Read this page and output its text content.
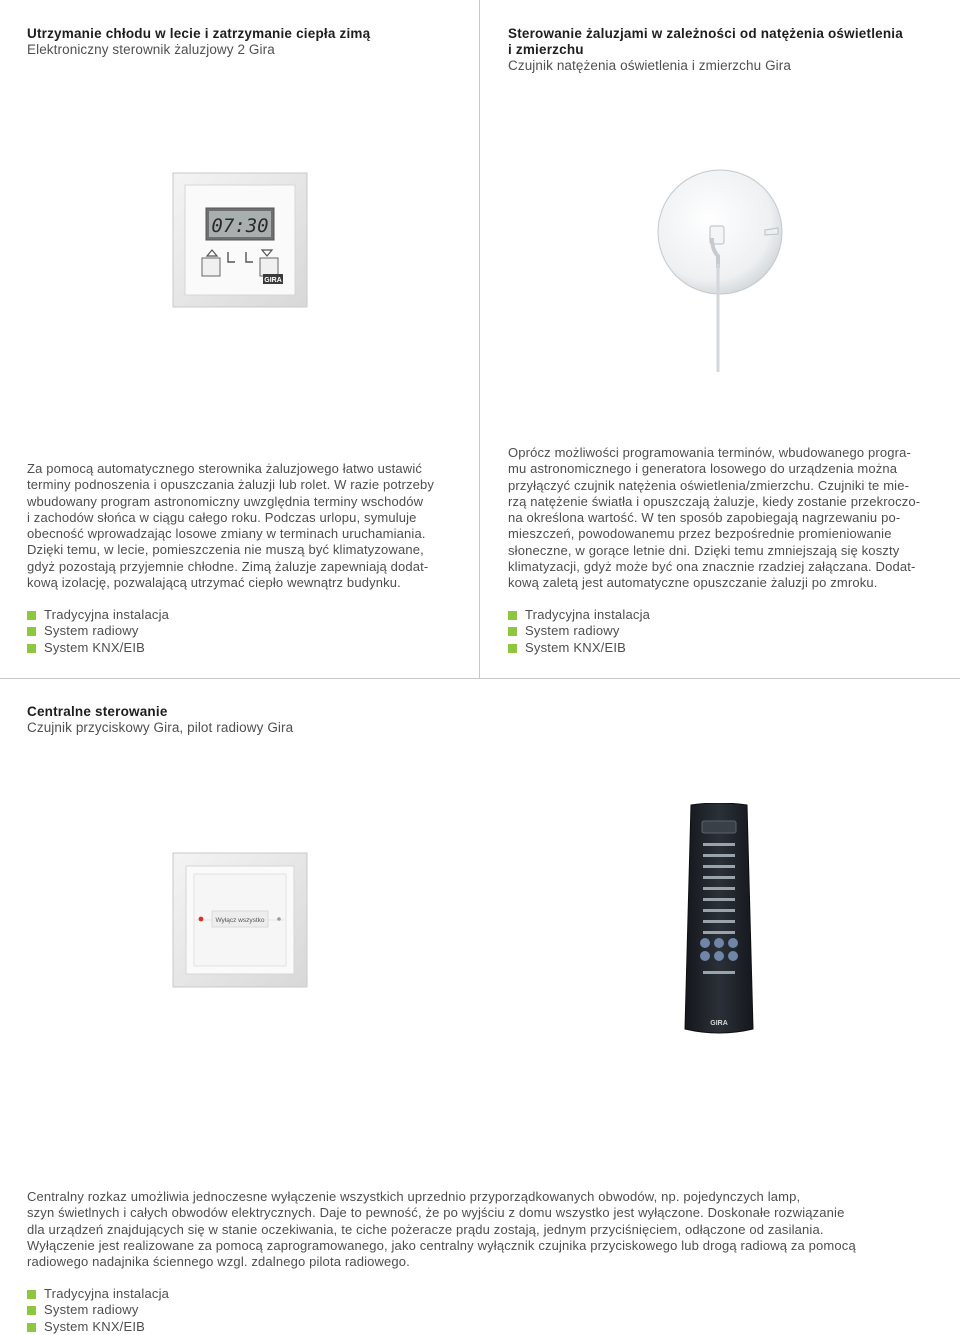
Utrzymanie chłodu w lecie i zatrzymanie ciepła zimą
Elektroniczny sterownik żaluzjowy 2 Gira
07:30
GIRA

Za pomocą automatycznego sterownika żaluzjowego łatwo ustawić

terminy podnoszenia i opuszczania żaluzji lub rolet. W razie potrzeby

wbudowany program astronomiczny uwzględnia terminy wschodów

i zachodów słońca w ciągu całego roku. Podczas urlopu, symuluje

obecność wprowadzając losowe zmiany w terminach uruchamiania.

Dzięki temu, w lecie, pomieszczenia nie muszą być klimatyzowane,

gdyż pozostają przyjemnie chłodne. Zimą żaluzje zapewniają dodat-

kową izolację, pozwalającą utrzymać ciepło wewnątrz budynku.

Tradycyjna instalacja
System radiowy
System KNX/EIB
Sterowanie żaluzjami w zależności od natężenia oświetlenia
i zmierzchu
Czujnik natężenia oświetlenia i zmierzchu Gira

Oprócz możliwości programowania terminów, wbudowanego progra-

mu astronomicznego i generatora losowego do urządzenia można

przyłączyć czujnik natężenia oświetlenia/zmierzchu. Czujniki te mie-

rzą natężenie światła i opuszczają żaluzje, kiedy zostanie przekroczo-

na określona wartość. W ten sposób zapobiegają nagrzewaniu po-

mieszczeń, powodowanemu przez bezpośrednie promieniowanie

słoneczne, w gorące letnie dni. Dzięki temu zmniejszają się koszty

klimatyzacji, gdyż może być ona znacznie rzadziej załączana. Dodat-

kową zaletą jest automatyczne opuszczanie żaluzji po zmroku.

Tradycyjna instalacja
System radiowy
System KNX/EIB
Centralne sterowanie
Czujnik przyciskowy Gira, pilot radiowy Gira
Wyłącz wszystko
GIRA

Centralny rozkaz umożliwia jednoczesne wyłączenie wszystkich uprzednio przyporządkowanych obwodów, np. pojedynczych lamp,

szyn świetlnych i całych obwodów elektrycznych. Daje to pewność, że po wyjściu z domu wszystko jest wyłączone. Doskonałe rozwiązanie

dla urządzeń znajdujących się w stanie oczekiwania, te ciche pożeracze prądu zostają, jednym przyciśnięciem, odłączone od zasilania.

Wyłączenie jest realizowane za pomocą zaprogramowanego, jako centralny wyłącznik czujnika przyciskowego lub drogą radiową za pomocą

radiowego nadajnika ściennego wzgl. zdalnego pilota radiowego.

Tradycyjna instalacja
System radiowy
System KNX/EIB
